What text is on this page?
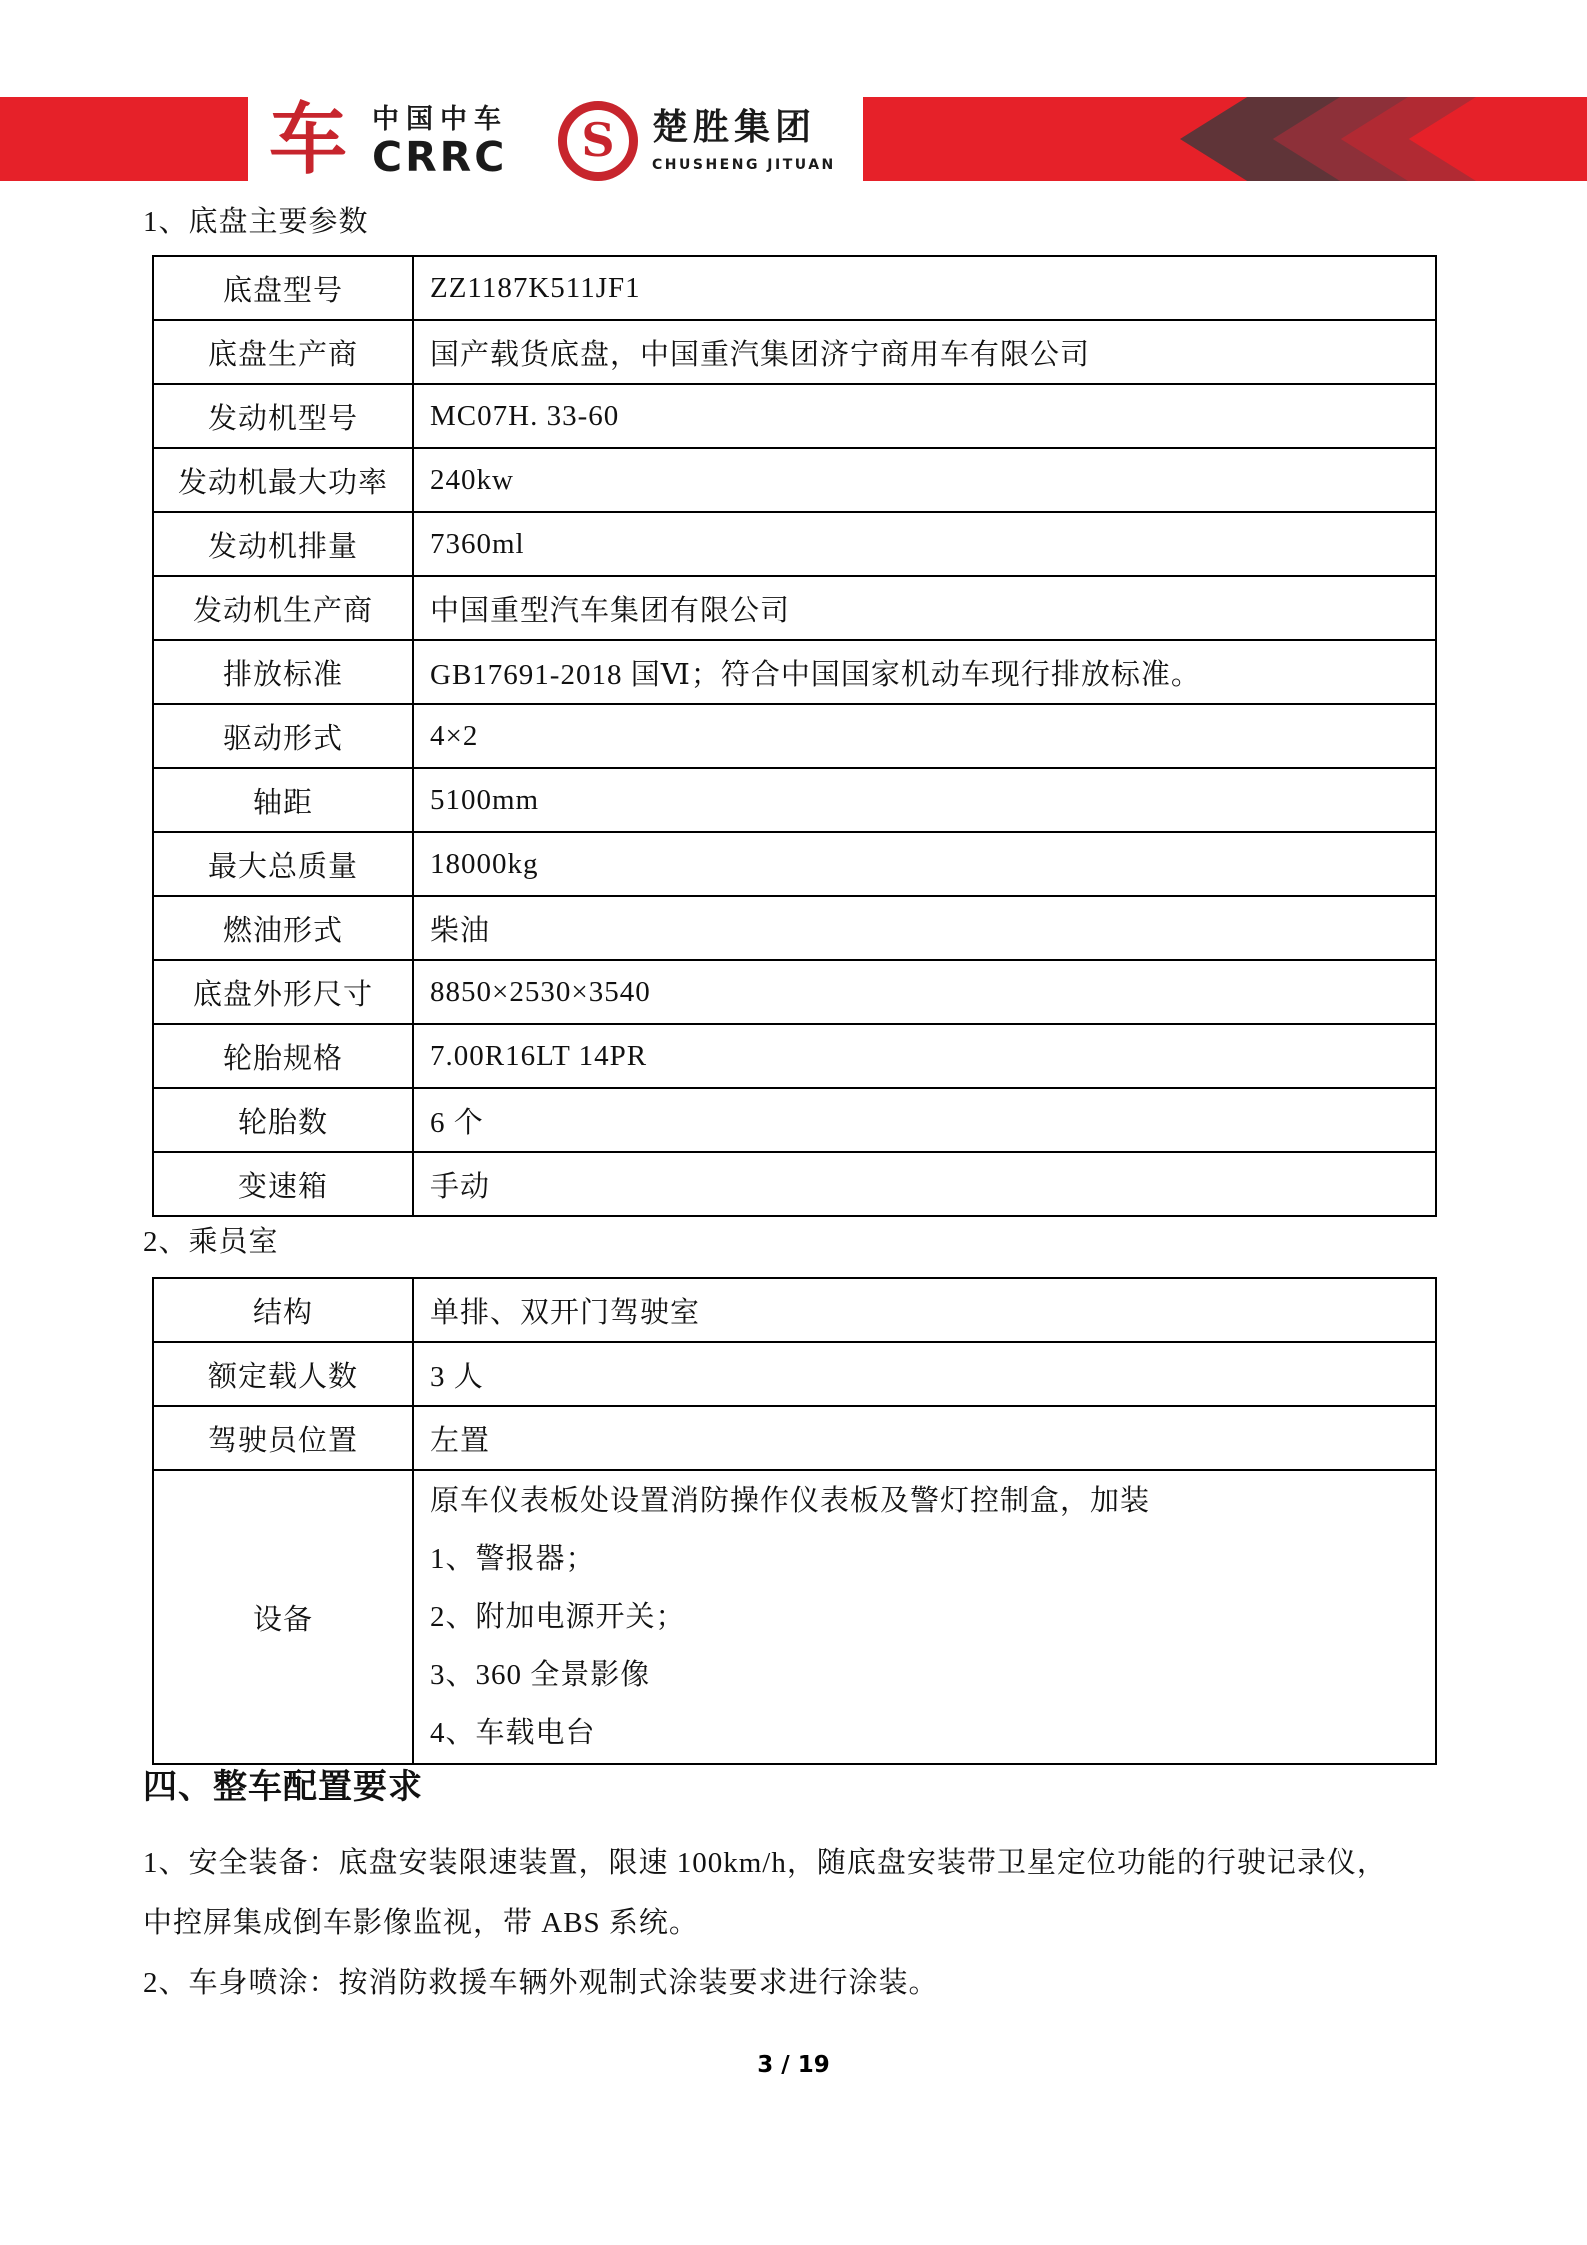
车 中国中车
CRRC	S	楚胜集团
CHUSHENG JITUAN
1、底盘主要参数
底盘型号	ZZ1187K511JF1
底盘生产商	国产载货底盘，中国重汽集团济宁商用车有限公司
发动机型号	MC07H. 33-60
发动机最大功率	240kw
发动机排量	7360ml
发动机生产商	中国重型汽车集团有限公司
排放标准	GB17691-2018 国Ⅵ；符合中国国家机动车现行排放标准。
驱动形式	4×2
轴距	5100mm
最大总质量	18000kg
燃油形式	柴油
底盘外形尺寸	8850×2530×3540
轮胎规格	7.00R16LT 14PR
轮胎数	6 个
变速箱	手动
2、乘员室
结构	单排、双开门驾驶室
额定载人数	3 人
驾驶员位置	左置
设备	原车仪表板处设置消防操作仪表板及警灯控制盒，加装
1、警报器；
2、附加电源开关；
3、360 全景影像
4、车载电台
四、整车配置要求
1、安全装备：底盘安装限速装置，限速 100km/h，随底盘安装带卫星定位功能的行驶记录仪，
中控屏集成倒车影像监视，带 ABS 系统。
2、车身喷涂：按消防救援车辆外观制式涂装要求进行涂装。
3 / 19
